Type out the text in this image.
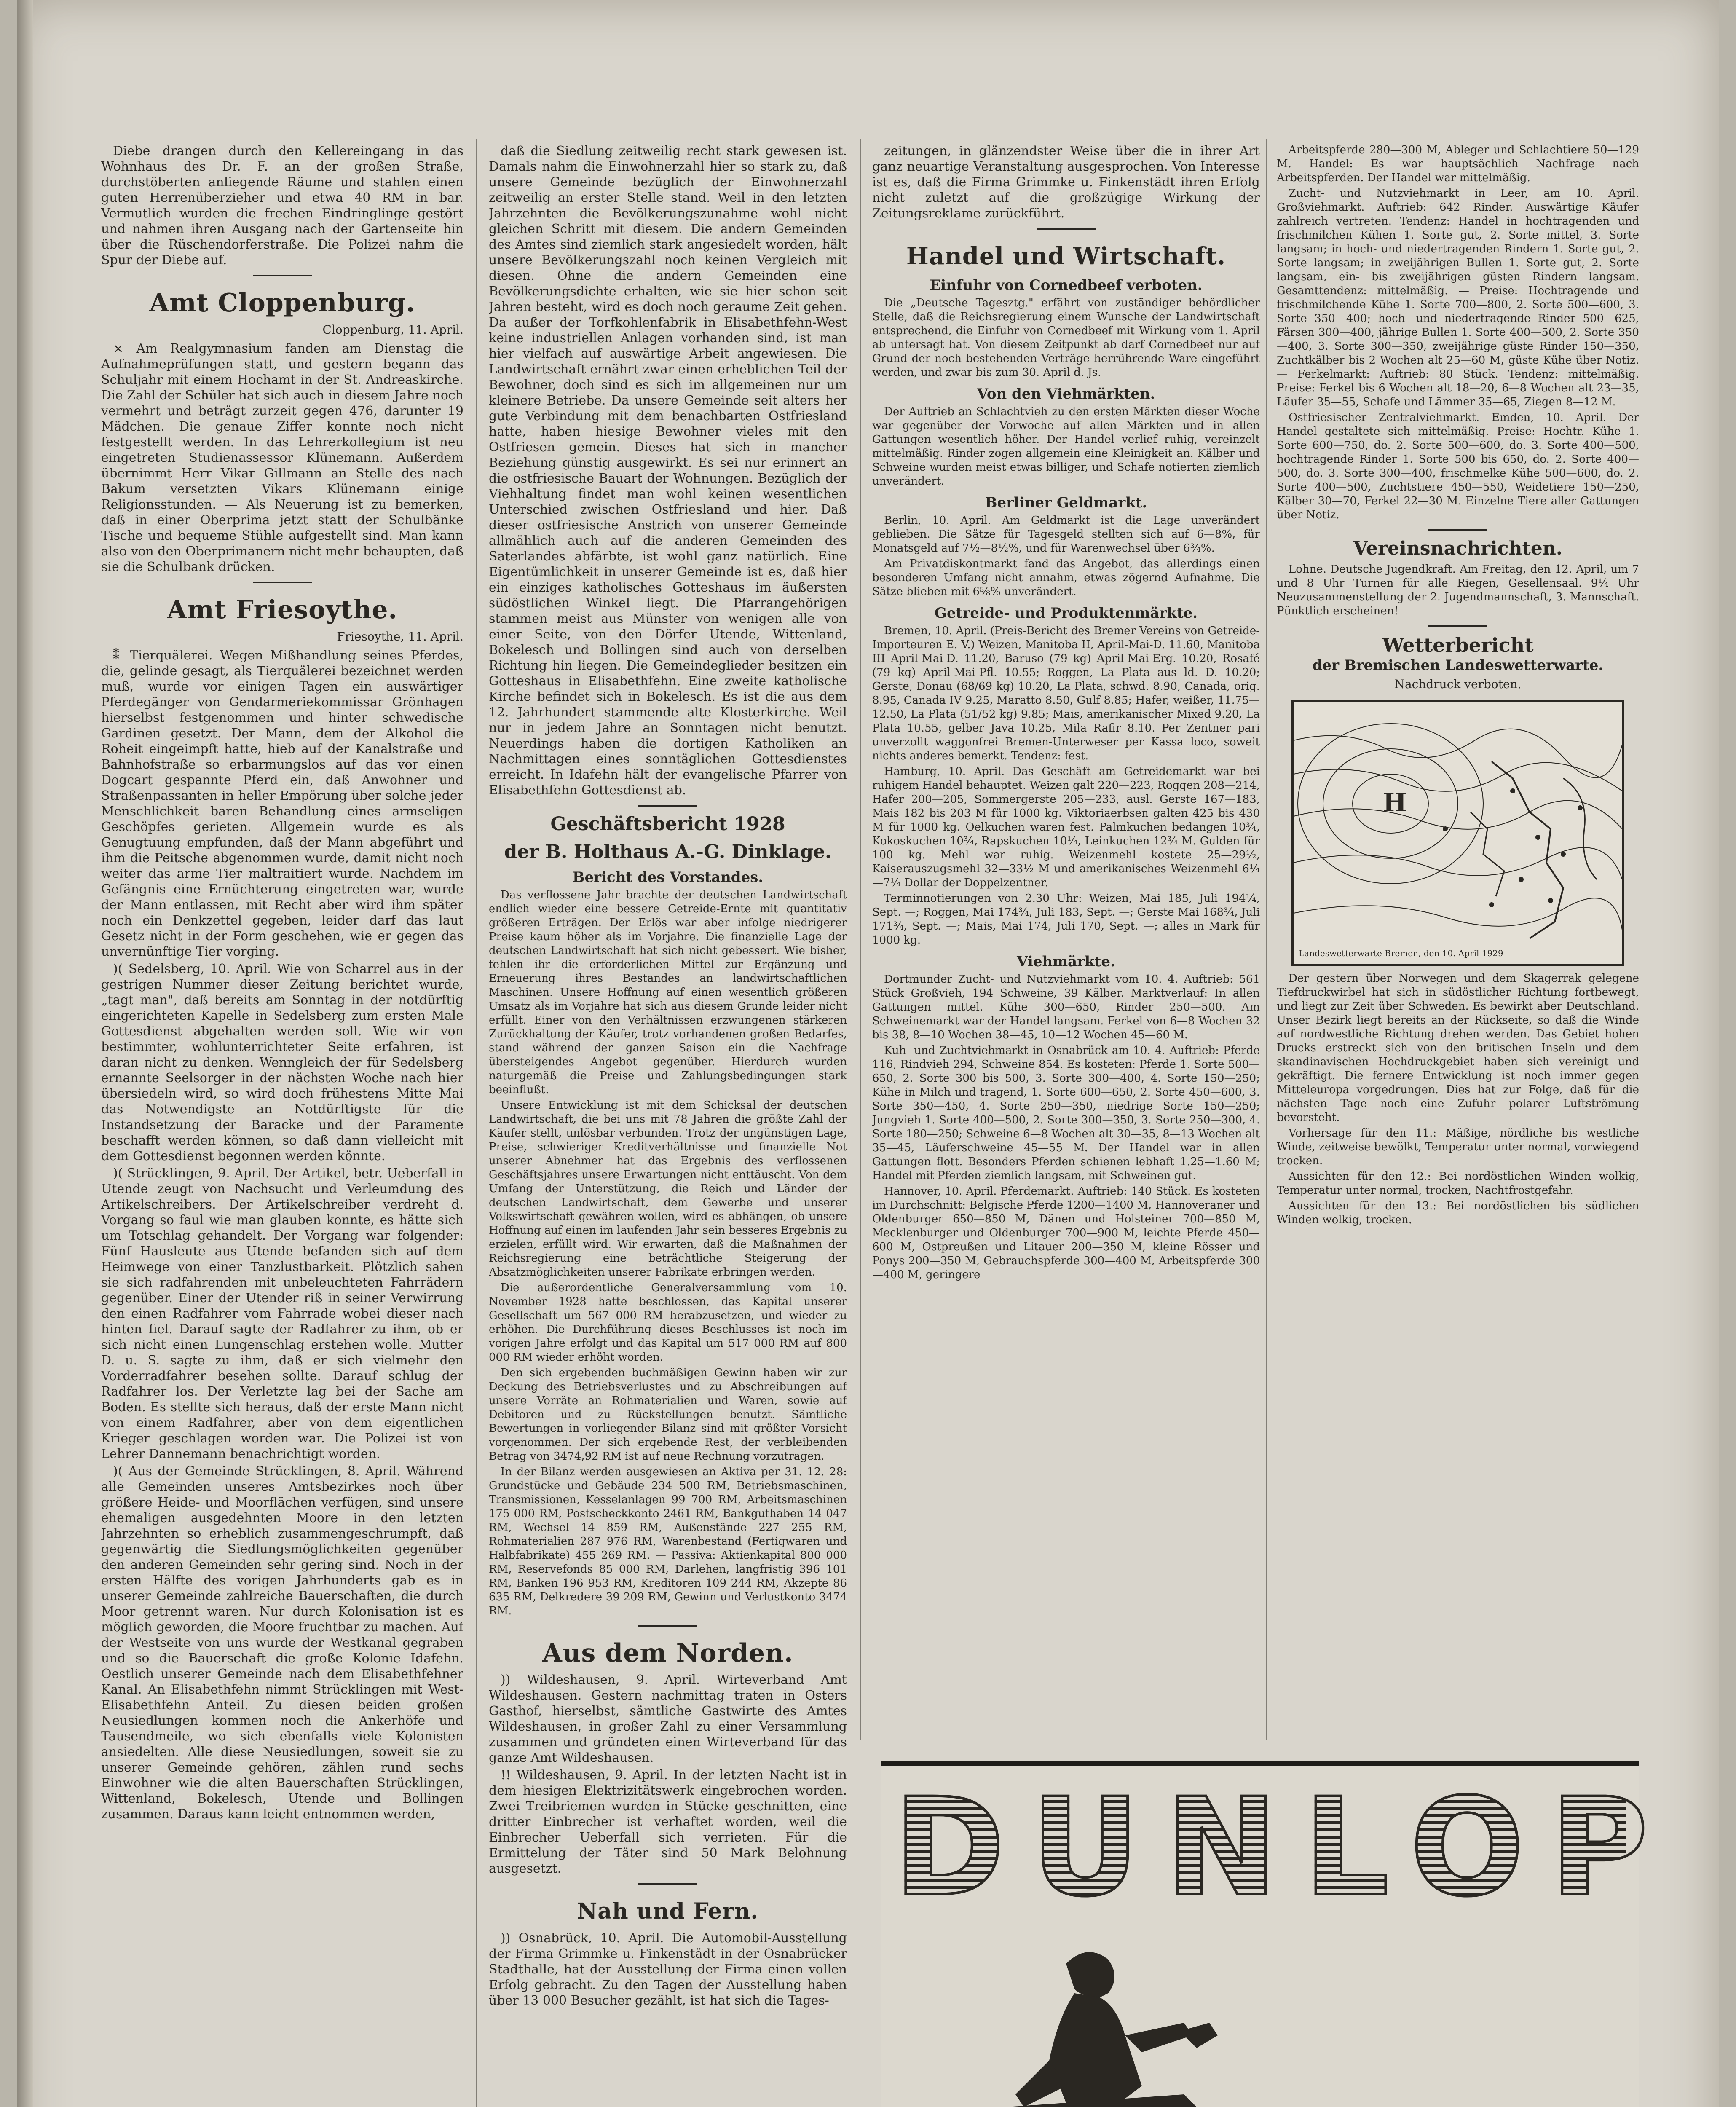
Diebe drangen durch den Kellereingang in das Wohnhaus des Dr. F. an der großen Straße, durchstöberten anliegende Räume und stahlen einen guten Herrenüberzieher und etwa 40 RM in bar. Vermutlich wurden die frechen Eindringlinge gestört und nahmen ihren Ausgang nach der Gartenseite hin über die Rüschendorferstraße. Die Polizei nahm die Spur der Diebe auf.

Amt Cloppenburg.
Cloppenburg, 11. April.

× Am Realgymnasium fanden am Dienstag die Aufnahmeprüfungen statt, und gestern begann das Schuljahr mit einem Hochamt in der St. Andreaskirche. Die Zahl der Schüler hat sich auch in diesem Jahre noch vermehrt und beträgt zurzeit gegen 476, darunter 19 Mädchen. Die genaue Ziffer konnte noch nicht festgestellt werden. In das Lehrerkollegium ist neu eingetreten Studienassessor Klünemann. Außerdem übernimmt Herr Vikar Gillmann an Stelle des nach Bakum versetzten Vikars Klünemann einige Religionsstunden. — Als Neuerung ist zu bemerken, daß in einer Oberprima jetzt statt der Schulbänke Tische und bequeme Stühle aufgestellt sind. Man kann also von den Oberprimanern nicht mehr behaupten, daß sie die Schulbank drücken.

Amt Friesoythe.
Friesoythe, 11. April.

⁑ Tierquälerei. Wegen Mißhandlung seines Pferdes, die, gelinde gesagt, als Tierquälerei bezeichnet werden muß, wurde vor einigen Tagen ein auswärtiger Pferdegänger von Gendarmeriekommissar Grönhagen hierselbst festgenommen und hinter schwedische Gardinen gesetzt. Der Mann, dem der Alkohol die Roheit eingeimpft hatte, hieb auf der Kanalstraße und Bahnhofstraße so erbarmungslos auf das vor einen Dogcart gespannte Pferd ein, daß Anwohner und Straßenpassanten in heller Empörung über solche jeder Menschlichkeit baren Behandlung eines armseligen Geschöpfes gerieten. Allgemein wurde es als Genugtuung empfunden, daß der Mann abgeführt und ihm die Peitsche abgenommen wurde, damit nicht noch weiter das arme Tier maltraitiert wurde. Nachdem im Gefängnis eine Ernüchterung eingetreten war, wurde der Mann entlassen, mit Recht aber wird ihm später noch ein Denkzettel gegeben, leider darf das laut Gesetz nicht in der Form geschehen, wie er gegen das unvernünftige Tier vorging.

)( Sedelsberg, 10. April. Wie von Scharrel aus in der gestrigen Nummer dieser Zeitung berichtet wurde, „tagt man", daß bereits am Sonntag in der notdürftig eingerichteten Kapelle in Sedelsberg zum ersten Male Gottesdienst abgehalten werden soll. Wie wir von bestimmter, wohlunterrichteter Seite erfahren, ist daran nicht zu denken. Wenngleich der für Sedelsberg ernannte Seelsorger in der nächsten Woche nach hier übersiedeln wird, so wird doch frühestens Mitte Mai das Notwendigste an Notdürftigste für die Instandsetzung der Baracke und der Paramente beschafft werden können, so daß dann vielleicht mit dem Gottesdienst begonnen werden könnte.

)( Strücklingen, 9. April. Der Artikel, betr. Ueberfall in Utende zeugt von Nachsucht und Verleumdung des Artikelschreibers. Der Artikelschreiber verdreht d. Vorgang so faul wie man glauben konnte, es hätte sich um Totschlag gehandelt. Der Vorgang war folgender: Fünf Hausleute aus Utende befanden sich auf dem Heimwege von einer Tanzlustbarkeit. Plötzlich sahen sie sich radfahrenden mit unbeleuchteten Fahrrädern gegenüber. Einer der Utender riß in seiner Verwirrung den einen Radfahrer vom Fahrrade wobei dieser nach hinten fiel. Darauf sagte der Radfahrer zu ihm, ob er sich nicht einen Lungenschlag erstehen wolle. Mutter D. u. S. sagte zu ihm, daß er sich vielmehr den Vorderradfahrer besehen sollte. Darauf schlug der Radfahrer los. Der Verletzte lag bei der Sache am Boden. Es stellte sich heraus, daß der erste Mann nicht von einem Radfahrer, aber von dem eigentlichen Krieger geschlagen worden war. Die Polizei ist von Lehrer Dannemann benachrichtigt worden.

)( Aus der Gemeinde Strücklingen, 8. April. Während alle Gemeinden unseres Amtsbezirkes noch über größere Heide- und Moorflächen verfügen, sind unsere ehemaligen ausgedehnten Moore in den letzten Jahrzehnten so erheblich zusammengeschrumpft, daß gegenwärtig die Siedlungsmöglichkeiten gegenüber den anderen Gemeinden sehr gering sind. Noch in der ersten Hälfte des vorigen Jahrhunderts gab es in unserer Gemeinde zahlreiche Bauerschaften, die durch Moor getrennt waren. Nur durch Kolonisation ist es möglich geworden, die Moore fruchtbar zu machen. Auf der Westseite von uns wurde der Westkanal gegraben und so die Bauerschaft die große Kolonie Idafehn. Oestlich unserer Gemeinde nach dem Elisabethfehner Kanal. An Elisabethfehn nimmt Strücklingen mit West-Elisabethfehn Anteil. Zu diesen beiden großen Neusiedlungen kommen noch die Ankerhöfe und Tausendmeile, wo sich ebenfalls viele Kolonisten ansiedelten. Alle diese Neusiedlungen, soweit sie zu unserer Gemeinde gehören, zählen rund sechs Einwohner wie die alten Bauerschaften Strücklingen, Wittenland, Bokelesch, Utende und Bollingen zusammen. Daraus kann leicht entnommen werden,

daß die Siedlung zeitweilig recht stark gewesen ist. Damals nahm die Einwohnerzahl hier so stark zu, daß unsere Gemeinde bezüglich der Einwohnerzahl zeitweilig an erster Stelle stand. Weil in den letzten Jahrzehnten die Bevölkerungszunahme wohl nicht gleichen Schritt mit diesem. Die andern Gemeinden des Amtes sind ziemlich stark angesiedelt worden, hält unsere Bevölkerungszahl noch keinen Vergleich mit diesen. Ohne die andern Gemeinden eine Bevölkerungsdichte erhalten, wie sie hier schon seit Jahren besteht, wird es doch noch geraume Zeit gehen. Da außer der Torfkohlenfabrik in Elisabethfehn-West keine industriellen Anlagen vorhanden sind, ist man hier vielfach auf auswärtige Arbeit angewiesen. Die Landwirtschaft ernährt zwar einen erheblichen Teil der Bewohner, doch sind es sich im allgemeinen nur um kleinere Betriebe. Da unsere Gemeinde seit alters her gute Verbindung mit dem benachbarten Ostfriesland hatte, haben hiesige Bewohner vieles mit den Ostfriesen gemein. Dieses hat sich in mancher Beziehung günstig ausgewirkt. Es sei nur erinnert an die ostfriesische Bauart der Wohnungen. Bezüglich der Viehhaltung findet man wohl keinen wesentlichen Unterschied zwischen Ostfriesland und hier. Daß dieser ostfriesische Anstrich von unserer Gemeinde allmählich auch auf die anderen Gemeinden des Saterlandes abfärbte, ist wohl ganz natürlich. Eine Eigentümlichkeit in unserer Gemeinde ist es, daß hier ein einziges katholisches Gotteshaus im äußersten südöstlichen Winkel liegt. Die Pfarrangehörigen stammen meist aus Münster von wenigen alle von einer Seite, von den Dörfer Utende, Wittenland, Bokelesch und Bollingen sind auch von derselben Richtung hin liegen. Die Gemeindeglieder besitzen ein Gotteshaus in Elisabethfehn. Eine zweite katholische Kirche befindet sich in Bokelesch. Es ist die aus dem 12. Jahrhundert stammende alte Klosterkirche. Weil nur in jedem Jahre an Sonntagen nicht benutzt. Neuerdings haben die dortigen Katholiken an Nachmittagen eines sonntäglichen Gottesdienstes erreicht. In Idafehn hält der evangelische Pfarrer von Elisabethfehn Gottesdienst ab.

Geschäftsbericht 1928
der B. Holthaus A.-G. Dinklage.
Bericht des Vorstandes.

Das verflossene Jahr brachte der deutschen Landwirtschaft endlich wieder eine bessere Getreide-Ernte mit quantitativ größeren Erträgen. Der Erlös war aber infolge niedrigerer Preise kaum höher als im Vorjahre. Die finanzielle Lage der deutschen Landwirtschaft hat sich nicht gebessert. Wie bisher, fehlen ihr die erforderlichen Mittel zur Ergänzung und Erneuerung ihres Bestandes an landwirtschaftlichen Maschinen. Unsere Hoffnung auf einen wesentlich größeren Umsatz als im Vorjahre hat sich aus diesem Grunde leider nicht erfüllt. Einer von den Verhältnissen erzwungenen stärkeren Zurückhaltung der Käufer, trotz vorhandenen großen Bedarfes, stand während der ganzen Saison ein die Nachfrage übersteigendes Angebot gegenüber. Hierdurch wurden naturgemäß die Preise und Zahlungsbedingungen stark beeinflußt.

Unsere Entwicklung ist mit dem Schicksal der deutschen Landwirtschaft, die bei uns mit 78 Jahren die größte Zahl der Käufer stellt, unlösbar verbunden. Trotz der ungünstigen Lage, Preise, schwieriger Kreditverhältnisse und finanzielle Not unserer Abnehmer hat das Ergebnis des verflossenen Geschäftsjahres unsere Erwartungen nicht enttäuscht. Von dem Umfang der Unterstützung, die Reich und Länder der deutschen Landwirtschaft, dem Gewerbe und unserer Volkswirtschaft gewähren wollen, wird es abhängen, ob unsere Hoffnung auf einen im laufenden Jahr sein besseres Ergebnis zu erzielen, erfüllt wird. Wir erwarten, daß die Maßnahmen der Reichsregierung eine beträchtliche Steigerung der Absatzmöglichkeiten unserer Fabrikate erbringen werden.

Die außerordentliche Generalversammlung vom 10. November 1928 hatte beschlossen, das Kapital unserer Gesellschaft um 567 000 RM herabzusetzen, und wieder zu erhöhen. Die Durchführung dieses Beschlusses ist noch im vorigen Jahre erfolgt und das Kapital um 517 000 RM auf 800 000 RM wieder erhöht worden.

Den sich ergebenden buchmäßigen Gewinn haben wir zur Deckung des Betriebsverlustes und zu Abschreibungen auf unsere Vorräte an Rohmaterialien und Waren, sowie auf Debitoren und zu Rückstellungen benutzt. Sämtliche Bewertungen in vorliegender Bilanz sind mit größter Vorsicht vorgenommen. Der sich ergebende Rest, der verbleibenden Betrag von 3474,92 RM ist auf neue Rechnung vorzutragen.

In der Bilanz werden ausgewiesen an Aktiva per 31. 12. 28: Grundstücke und Gebäude 234 500 RM, Betriebsmaschinen, Transmissionen, Kesselanlagen 99 700 RM, Arbeitsmaschinen 175 000 RM, Postscheckkonto 2461 RM, Bankguthaben 14 047 RM, Wechsel 14 859 RM, Außenstände 227 255 RM, Rohmaterialien 287 976 RM, Warenbestand (Fertigwaren und Halbfabrikate) 455 269 RM. — Passiva: Aktienkapital 800 000 RM, Reservefonds 85 000 RM, Darlehen, langfristig 396 101 RM, Banken 196 953 RM, Kreditoren 109 244 RM, Akzepte 86 635 RM, Delkredere 39 209 RM, Gewinn und Verlustkonto 3474 RM.

Aus dem Norden.

)) Wildeshausen, 9. April. Wirteverband Amt Wildeshausen. Gestern nachmittag traten in Osters Gasthof, hierselbst, sämtliche Gastwirte des Amtes Wildeshausen, in großer Zahl zu einer Versammlung zusammen und gründeten einen Wirteverband für das ganze Amt Wildeshausen.

!! Wildeshausen, 9. April. In der letzten Nacht ist in dem hiesigen Elektrizitätswerk eingebrochen worden. Zwei Treibriemen wurden in Stücke geschnitten, eine dritter Einbrecher ist verhaftet worden, weil die Einbrecher Ueberfall sich verrieten. Für die Ermittelung der Täter sind 50 Mark Belohnung ausgesetzt.

Nah und Fern.

)) Osnabrück, 10. April. Die Automobil-Ausstellung der Firma Grimmke u. Finkenstädt in der Osnabrücker Stadthalle, hat der Ausstellung der Firma einen vollen Erfolg gebracht. Zu den Tagen der Ausstellung haben über 13 000 Besucher gezählt, ist hat sich die Tages-

zeitungen, in glänzendster Weise über die in ihrer Art ganz neuartige Veranstaltung ausgesprochen. Von Interesse ist es, daß die Firma Grimmke u. Finkenstädt ihren Erfolg nicht zuletzt auf die großzügige Wirkung der Zeitungsreklame zurückführt.

Handel und Wirtschaft.
Einfuhr von Cornedbeef verboten.

Die „Deutsche Tagesztg." erfährt von zuständiger behördlicher Stelle, daß die Reichsregierung einem Wunsche der Landwirtschaft entsprechend, die Einfuhr von Cornedbeef mit Wirkung vom 1. April ab untersagt hat. Von diesem Zeitpunkt ab darf Cornedbeef nur auf Grund der noch bestehenden Verträge herrührende Ware eingeführt werden, und zwar bis zum 30. April d. Js.

Von den Viehmärkten.

Der Auftrieb an Schlachtvieh zu den ersten Märkten dieser Woche war gegenüber der Vorwoche auf allen Märkten und in allen Gattungen wesentlich höher. Der Handel verlief ruhig, vereinzelt mittelmäßig. Rinder zogen allgemein eine Kleinigkeit an. Kälber und Schweine wurden meist etwas billiger, und Schafe notierten ziemlich unverändert.

Berliner Geldmarkt.

Berlin, 10. April. Am Geldmarkt ist die Lage unverändert geblieben. Die Sätze für Tagesgeld stellten sich auf 6—8%, für Monatsgeld auf 7½—8½%, und für Warenwechsel über 6¾%.

Am Privatdiskontmarkt fand das Angebot, das allerdings einen besonderen Umfang nicht annahm, etwas zögernd Aufnahme. Die Sätze blieben mit 6⅝% unverändert.

Getreide- und Produktenmärkte.

Bremen, 10. April. (Preis-Bericht des Bremer Vereins von Getreide-Importeuren E. V.) Weizen, Manitoba II, April-Mai-D. 11.60, Manitoba III April-Mai-D. 11.20, Baruso (79 kg) April-Mai-Erg. 10.20, Rosafé (79 kg) April-Mai-Pfl. 10.55; Roggen, La Plata aus ld. D. 10.20; Gerste, Donau (68/69 kg) 10.20, La Plata, schwd. 8.90, Canada, orig. 8.95, Canada IV 9.25, Maratto 8.50, Gulf 8.85; Hafer, weißer, 11.75—12.50, La Plata (51/52 kg) 9.85; Mais, amerikanischer Mixed 9.20, La Plata 10.55, gelber Java 10.25, Mila Rafir 8.10. Per Zentner pari unverzollt waggonfrei Bremen-Unterweser per Kassa loco, soweit nichts anderes bemerkt. Tendenz: fest.

Hamburg, 10. April. Das Geschäft am Getreidemarkt war bei ruhigem Handel behauptet. Weizen galt 220—223, Roggen 208—214, Hafer 200—205, Sommergerste 205—233, ausl. Gerste 167—183, Mais 182 bis 203 M für 1000 kg. Viktoriaerbsen galten 425 bis 430 M für 1000 kg. Oelkuchen waren fest. Palmkuchen bedangen 10¾, Kokoskuchen 10¾, Rapskuchen 10¼, Leinkuchen 12¾ M. Gulden für 100 kg. Mehl war ruhig. Weizenmehl kostete 25—29½, Kaiserauszugsmehl 32—33½ M und amerikanisches Weizenmehl 6¼—7¼ Dollar der Doppelzentner.

Terminnotierungen von 2.30 Uhr: Weizen, Mai 185, Juli 194¼, Sept. —; Roggen, Mai 174¾, Juli 183, Sept. —; Gerste Mai 168¾, Juli 171¾, Sept. —; Mais, Mai 174, Juli 170, Sept. —; alles in Mark für 1000 kg.

Viehmärkte.

Dortmunder Zucht- und Nutzviehmarkt vom 10. 4. Auftrieb: 561 Stück Großvieh, 194 Schweine, 39 Kälber. Marktverlauf: In allen Gattungen mittel. Kühe 300—650, Rinder 250—500. Am Schweinemarkt war der Handel langsam. Ferkel von 6—8 Wochen 32 bis 38, 8—10 Wochen 38—45, 10—12 Wochen 45—60 M.

Kuh- und Zuchtviehmarkt in Osnabrück am 10. 4. Auftrieb: Pferde 116, Rindvieh 294, Schweine 854. Es kosteten: Pferde 1. Sorte 500—650, 2. Sorte 300 bis 500, 3. Sorte 300—400, 4. Sorte 150—250; Kühe in Milch und tragend, 1. Sorte 600—650, 2. Sorte 450—600, 3. Sorte 350—450, 4. Sorte 250—350, niedrige Sorte 150—250; Jungvieh 1. Sorte 400—500, 2. Sorte 300—350, 3. Sorte 250—300, 4. Sorte 180—250; Schweine 6—8 Wochen alt 30—35, 8—13 Wochen alt 35—45, Läuferschweine 45—55 M. Der Handel war in allen Gattungen flott. Besonders Pferden schienen lebhaft 1.25—1.60 M; Handel mit Pferden ziemlich langsam, mit Schweinen gut.

Hannover, 10. April. Pferdemarkt. Auftrieb: 140 Stück. Es kosteten im Durchschnitt: Belgische Pferde 1200—1400 M, Hannoveraner und Oldenburger 650—850 M, Dänen und Holsteiner 700—850 M, Mecklenburger und Oldenburger 700—900 M, leichte Pferde 450—600 M, Ostpreußen und Litauer 200—350 M, kleine Rösser und Ponys 200—350 M, Gebrauchspferde 300—400 M, Arbeitspferde 300—400 M, geringere

Arbeitspferde 280—300 M, Ableger und Schlachtiere 50—129 M. Handel: Es war hauptsächlich Nachfrage nach Arbeitspferden. Der Handel war mittelmäßig.

Zucht- und Nutzviehmarkt in Leer, am 10. April. Großviehmarkt. Auftrieb: 642 Rinder. Auswärtige Käufer zahlreich vertreten. Tendenz: Handel in hochtragenden und frischmilchen Kühen 1. Sorte gut, 2. Sorte mittel, 3. Sorte langsam; in hoch- und niedertragenden Rindern 1. Sorte gut, 2. Sorte langsam; in zweijährigen Bullen 1. Sorte gut, 2. Sorte langsam, ein- bis zweijährigen güsten Rindern langsam. Gesamttendenz: mittelmäßig. — Preise: Hochtragende und frischmilchende Kühe 1. Sorte 700—800, 2. Sorte 500—600, 3. Sorte 350—400; hoch- und niedertragende Rinder 500—625, Färsen 300—400, jährige Bullen 1. Sorte 400—500, 2. Sorte 350—400, 3. Sorte 300—350, zweijährige güste Rinder 150—350, Zuchtkälber bis 2 Wochen alt 25—60 M, güste Kühe über Notiz. — Ferkelmarkt: Auftrieb: 80 Stück. Tendenz: mittelmäßig. Preise: Ferkel bis 6 Wochen alt 18—20, 6—8 Wochen alt 23—35, Läufer 35—55, Schafe und Lämmer 35—65, Ziegen 8—12 M.

Ostfriesischer Zentralviehmarkt. Emden, 10. April. Der Handel gestaltete sich mittelmäßig. Preise: Hochtr. Kühe 1. Sorte 600—750, do. 2. Sorte 500—600, do. 3. Sorte 400—500, hochtragende Rinder 1. Sorte 500 bis 650, do. 2. Sorte 400—500, do. 3. Sorte 300—400, frischmelke Kühe 500—600, do. 2. Sorte 400—500, Zuchtstiere 450—550, Weidetiere 150—250, Kälber 30—70, Ferkel 22—30 M. Einzelne Tiere aller Gattungen über Notiz.

Vereinsnachrichten.

Lohne. Deutsche Jugendkraft. Am Freitag, den 12. April, um 7 und 8 Uhr Turnen für alle Riegen, Gesellensaal. 9¼ Uhr Neuzusammenstellung der 2. Jugendmannschaft, 3. Mannschaft. Pünktlich erscheinen!

Wetterbericht
der Bremischen Landeswetterwarte.
Nachdruck verboten.
H
Landeswetterwarte Bremen, den 10. April 1929

Der gestern über Norwegen und dem Skagerrak gelegene Tiefdruckwirbel hat sich in südöstlicher Richtung fortbewegt, und liegt zur Zeit über Schweden. Es bewirkt aber Deutschland. Unser Bezirk liegt bereits an der Rückseite, so daß die Winde auf nordwestliche Richtung drehen werden. Das Gebiet hohen Drucks erstreckt sich von den britischen Inseln und dem skandinavischen Hochdruckgebiet haben sich vereinigt und gekräftigt. Die fernere Entwicklung ist noch immer gegen Mitteleuropa vorgedrungen. Dies hat zur Folge, daß für die nächsten Tage noch eine Zufuhr polarer Luftströmung bevorsteht.

Vorhersage für den 11.: Mäßige, nördliche bis westliche Winde, zeitweise bewölkt, Temperatur unter normal, vorwiegend trocken.

Aussichten für den 12.: Bei nordöstlichen Winden wolkig, Temperatur unter normal, trocken, Nachtfrostgefahr.

Aussichten für den 13.: Bei nordöstlichen bis südlichen Winden wolkig, trocken.

DUNLOP
